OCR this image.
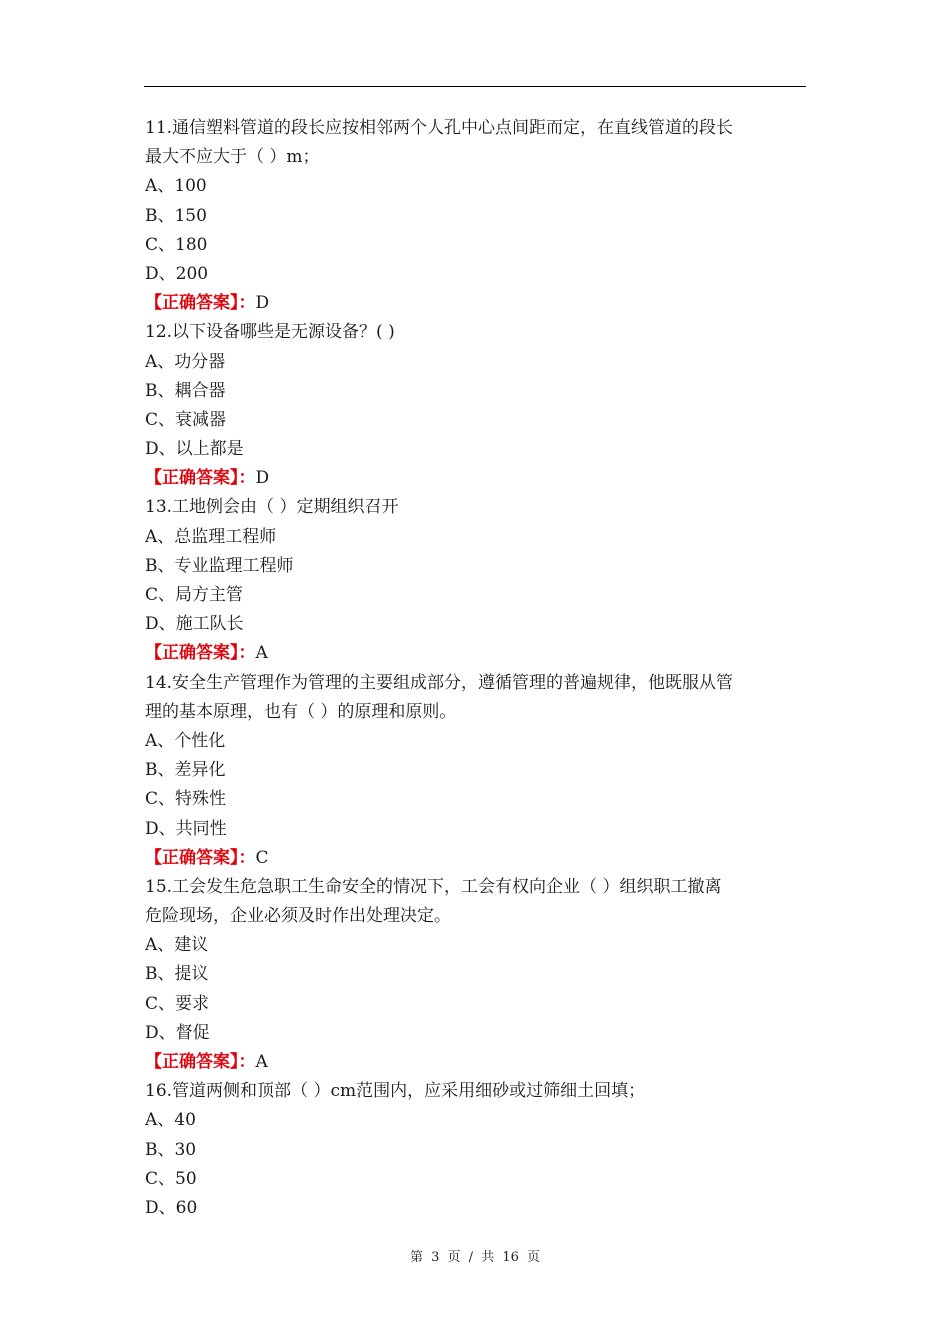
11.通信塑料管道的段长应按相邻两个人孔中心点间距而定，在直线管道的段长
最大不应大于（ ）m；
A、100
B、150
C、180
D、200
【正确答案】：D
12.以下设备哪些是无源设备？( )
A、功分器
B、耦合器
C、衰减器
D、以上都是
【正确答案】：D
13.工地例会由（ ）定期组织召开
A、总监理工程师
B、专业监理工程师
C、局方主管
D、施工队长
【正确答案】：A
14.安全生产管理作为管理的主要组成部分，遵循管理的普遍规律，他既服从管
理的基本原理，也有（ ）的原理和原则。
A、个性化
B、差异化
C、特殊性
D、共同性
【正确答案】：C
15.工会发生危急职工生命安全的情况下，工会有权向企业（ ）组织职工撤离
危险现场，企业必须及时作出处理决定。
A、建议
B、提议
C、要求
D、督促
【正确答案】：A
16.管道两侧和顶部（ ）cm范围内，应采用细砂或过筛细土回填；
A、40
B、30
C、50
D、60
第 3 页 / 共 16 页
